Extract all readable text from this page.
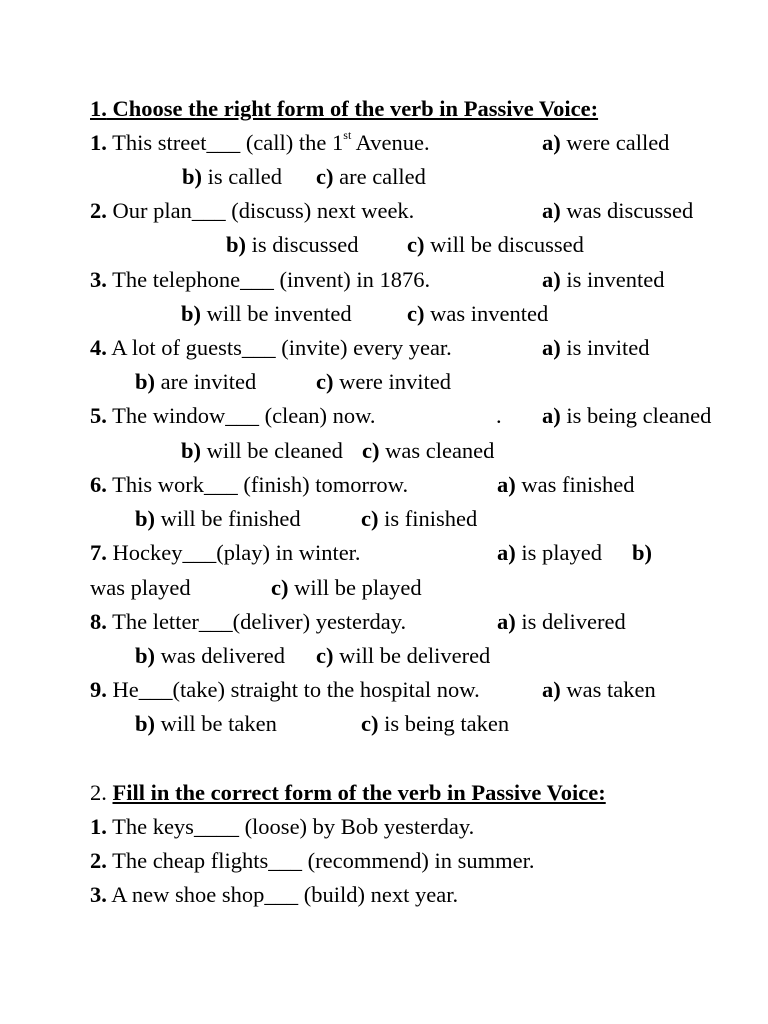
1. Choose the right form of the verb in Passive Voice:
1. This street___ (call) the 1st Avenue.	a) were called
b) is called c) are called
2. Our plan___ (discuss) next week.	a) was discussed
b) is discussed c) will be discussed
3. The telephone___ (invent) in 1876.	a) is invented
b) will be invented c) was invented
4. A lot of guests___ (invite) every year.	a) is invited
b) are invited	c) were invited
5. The window___ (clean) now.	. a) is being cleaned
b) will be cleaned c) was cleaned
6. This work___ (finish) tomorrow.	a) was finished
b) will be finished	c) is finished
7. Hockey___(play) in winter.	a) is played b)
was played	c) will be played
8. The letter___(deliver) yesterday.	a) is delivered
b) was delivered c) will be delivered
9. He___(take) straight to the hospital now.	a) was taken
b) will be taken	c) is being taken
2. Fill in the correct form of the verb in Passive Voice:
1. The keys____ (loose) by Bob yesterday.
2. The cheap flights___ (recommend) in summer.
3. A new shoe shop___ (build) next year.
